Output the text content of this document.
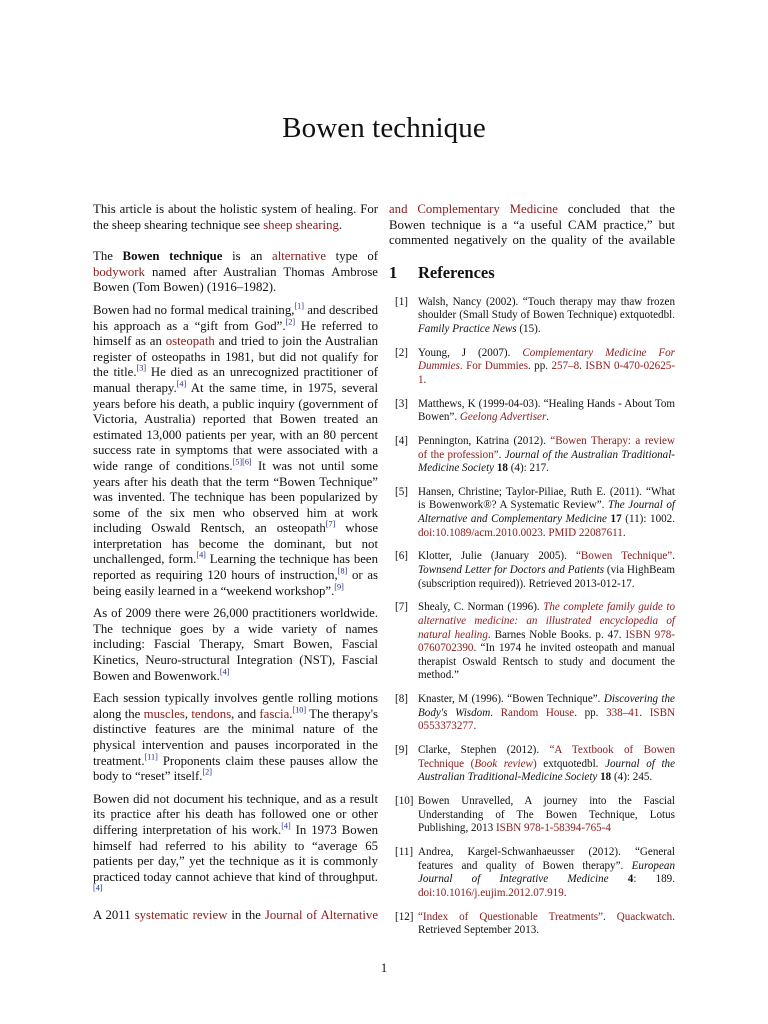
Bowen technique

This article is about the holistic system of healing. For the sheep shearing technique see sheep shearing.

The Bowen technique is an alternative type of bodywork named after Australian Thomas Ambrose Bowen (Tom Bowen) (1916–1982).

Bowen had no formal medical training,[1] and described his approach as a “gift from God”.[2] He referred to himself as an osteopath and tried to join the Australian register of osteopaths in 1981, but did not qualify for the title.[3] He died as an unrecognized practitioner of manual therapy.[4] At the same time, in 1975, several years before his death, a public inquiry (government of Victoria, Australia) reported that Bowen treated an estimated 13,000 patients per year, with an 80 percent success rate in symptoms that were associated with a wide range of conditions.[5][6] It was not until some years after his death that the term “Bowen Technique” was invented. The technique has been popularized by some of the six men who observed him at work including Oswald Rentsch, an osteopath[7] whose interpretation has become the dominant, but not unchallenged, form.[4] Learning the technique has been reported as requiring 120 hours of instruction,[8] or as being easily learned in a “weekend workshop”.[9]

As of 2009 there were 26,000 practitioners worldwide. The technique goes by a wide variety of names including: Fascial Therapy, Smart Bowen, Fascial Kinetics, Neuro-structural Integration (NST), Fascial Bowen and Bowenwork.[4]

Each session typically involves gentle rolling motions along the muscles, tendons, and fascia.[10] The therapy's distinctive features are the minimal nature of the physical intervention and pauses incorporated in the treatment.[11] Proponents claim these pauses allow the body to “reset” itself.[2]

Bowen did not document his technique, and as a result its practice after his death has followed one or other differing interpretation of his work.[4] In 1973 Bowen himself had referred to his ability to “average 65 patients per day,” yet the technique as it is commonly practiced today cannot achieve that kind of throughput.[4]

A 2011 systematic review in the Journal of Alternative

and Complementary Medicine concluded that the Bowen technique is a “a useful CAM practice,” but commented negatively on the quality of the available

1 References
[1] Walsh, Nancy (2002). “Touch therapy may thaw frozen shoulder (Small Study of Bowen Technique) extquotedbl. Family Practice News (15).
[2] Young, J (2007). Complementary Medicine For Dummies. For Dummies. pp. 257–8. ISBN 0-470-02625-1.
[3] Matthews, K (1999-04-03). “Healing Hands - About Tom Bowen”. Geelong Advertiser.
[4] Pennington, Katrina (2012). “Bowen Therapy: a review of the profession”. Journal of the Australian Traditional-Medicine Society 18 (4): 217.
[5] Hansen, Christine; Taylor-Piliae, Ruth E. (2011). “What is Bowenwork®? A Systematic Review”. The Journal of Alternative and Complementary Medicine 17 (11): 1002. doi:10.1089/acm.2010.0023. PMID 22087611.
[6] Klotter, Julie (January 2005). “Bowen Technique”. Townsend Letter for Doctors and Patients (via HighBeam (subscription required)). Retrieved 2013-012-17.
[7] Shealy, C. Norman (1996). The complete family guide to alternative medicine: an illustrated encyclopedia of natural healing. Barnes Noble Books. p. 47. ISBN 978-0760702390. “In 1974 he invited osteopath and manual therapist Oswald Rentsch to study and document the method.”
[8] Knaster, M (1996). “Bowen Technique”. Discovering the Body's Wisdom. Random House. pp. 338–41. ISBN 0553373277.
[9] Clarke, Stephen (2012). “A Textbook of Bowen Technique (Book review) extquotedbl. Journal of the Australian Traditional-Medicine Society 18 (4): 245.
[10] Bowen Unravelled, A journey into the Fascial Understanding of The Bowen Technique, Lotus Publishing, 2013 ISBN 978-1-58394-765-4
[11] Andrea, Kargel-Schwanhaeusser (2012). “General features and quality of Bowen therapy”. European Journal of Integrative Medicine 4: 189. doi:10.1016/j.eujim.2012.07.919.
[12] “Index of Questionable Treatments”. Quackwatch. Retrieved September 2013.
1
